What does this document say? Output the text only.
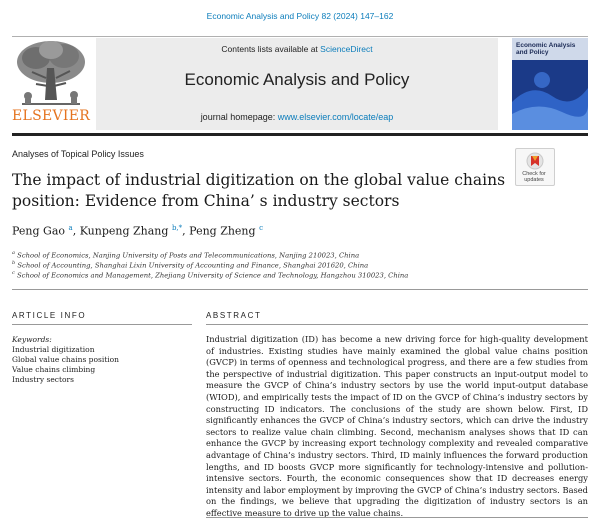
Economic Analysis and Policy 82 (2024) 147–162
ELSEVIER
Contents lists available at ScienceDirect
Economic Analysis and Policy
journal homepage: www.elsevier.com/locate/eap
Economic Analysis and Policy
Analyses of Topical Policy Issues
Check for updates
The impact of industrial digitization on the global value chains
position: Evidence from China’ s industry sectors
Peng Gao $^a$, Kunpeng Zhang $^{b,*}$, Peng Zheng $^c$
$^a$ School of Economics, Nanjing University of Posts and Telecommunications, Nanjing 210023, China
$^b$ School of Accounting, Shanghai Lixin University of Accounting and Finance, Shanghai 201620, China
$^c$ School of Economics and Management, Zhejiang University of Science and Technology, Hangzhou 310023, China
ARTICLE INFO
Keywords:
Industrial digitization
Global value chains position
Value chains climbing
Industry sectors
ABSTRACT
Industrial digitization (ID) has become a new driving force for high-quality development of industries. Existing studies have mainly examined the global value chains position (GVCP) in terms of openness and technological progress, and there are a few studies from the perspective of industrial digitization. This paper constructs an input-output model to measure the GVCP of China’s industry sectors by use the world input-output database (WIOD), and empirically tests the impact of ID on the GVCP of China’s industry sectors by constructing ID indicators. The conclusions of the study are shown below. First, ID significantly enhances the GVCP of China’s industry sectors, which can drive the industry sectors to realize value chain climbing. Second, mechanism analyses shows that ID can enhance the GVCP by increasing export technology complexity and revealed comparative advantage of China’s industry sectors. Third, ID mainly influences the forward production lengths, and ID boosts GVCP more significantly for technology-intensive and pollution-intensive sectors. Fourth, the economic consequences show that ID decreases energy intensity and labor employment by improving the GVCP of China’s industry sectors. Based on the findings, we believe that upgrading the digitization of industry sectors is an effective measure to drive up the value chains.
